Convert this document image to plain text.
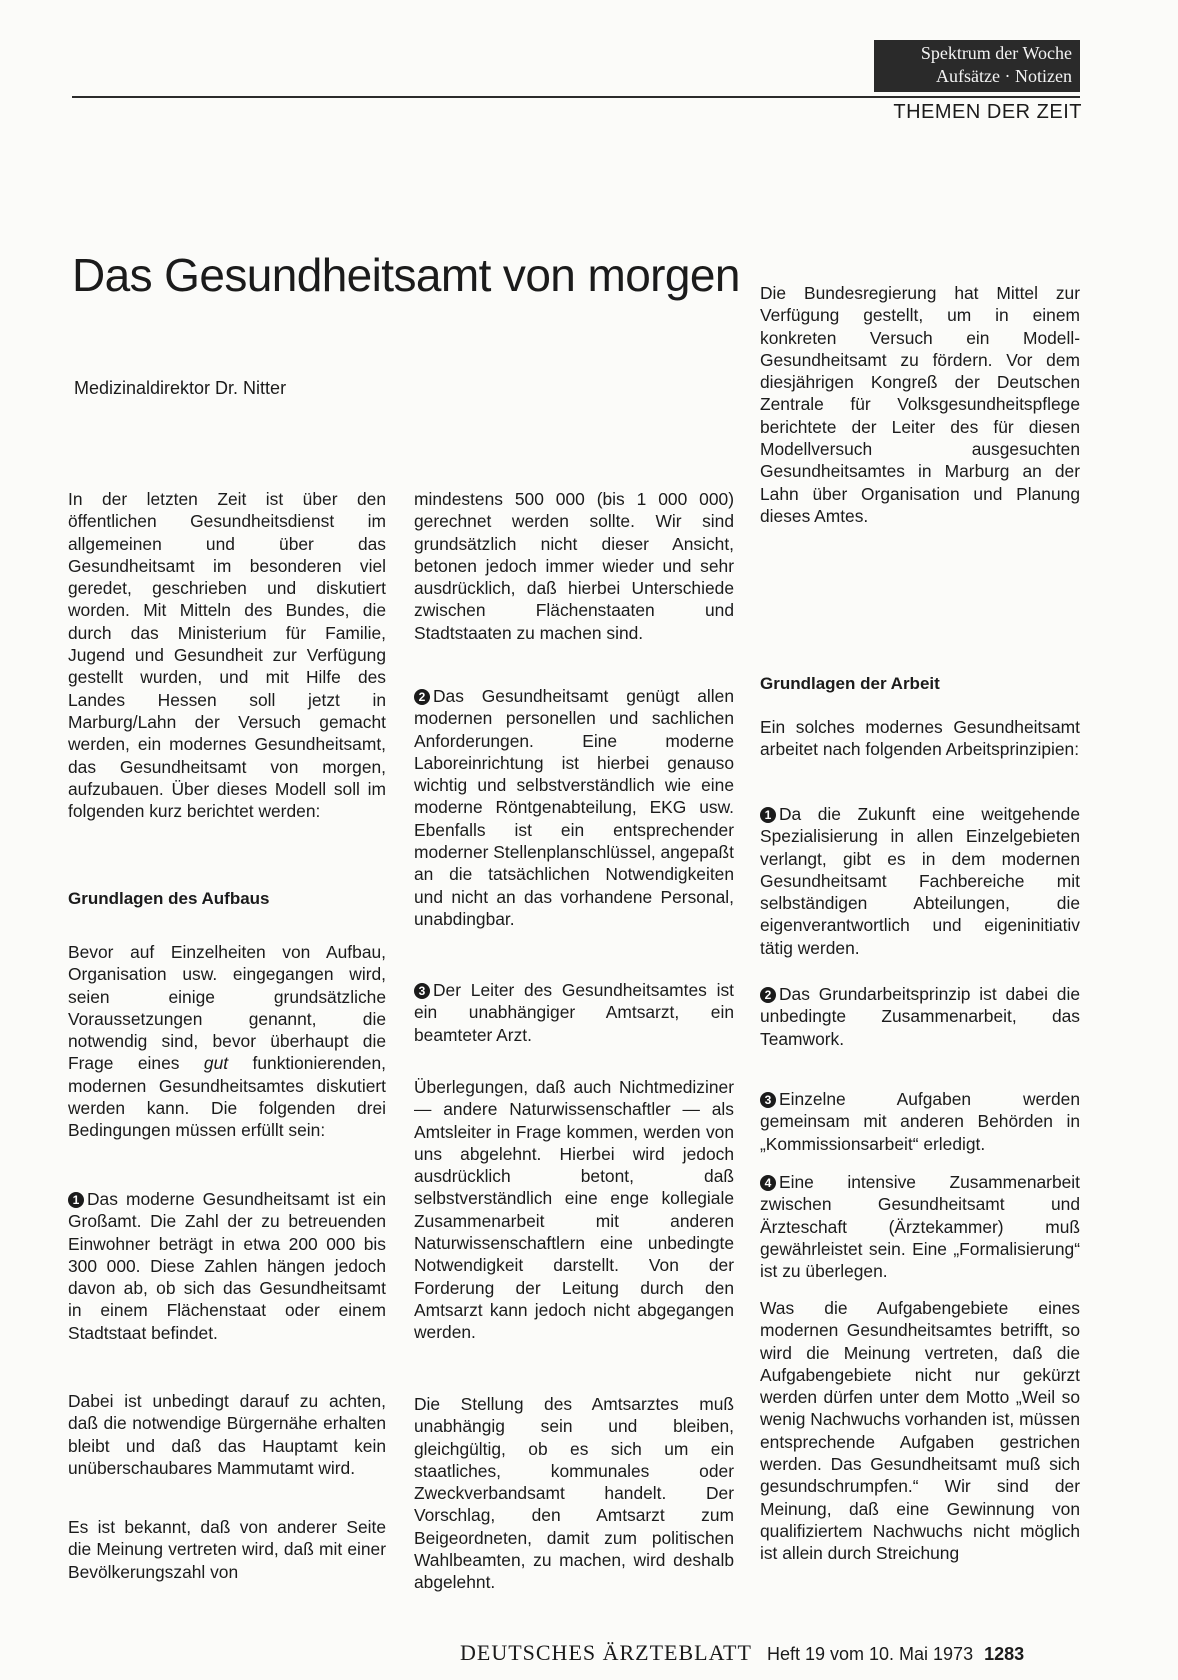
Spektrum der Woche
Aufsätze · Notizen
THEMEN DER ZEIT
Das Gesundheitsamt von morgen
Medizinaldirektor Dr. Nitter

In der letzten Zeit ist über den öffentlichen Gesundheitsdienst im allgemeinen und über das Gesundheitsamt im besonderen viel geredet, geschrieben und diskutiert worden. Mit Mitteln des Bundes, die durch das Ministerium für Familie, Jugend und Gesundheit zur Verfügung gestellt wurden, und mit Hilfe des Landes Hessen soll jetzt in Marburg/Lahn der Versuch gemacht werden, ein modernes Gesundheitsamt, das Gesundheitsamt von morgen, aufzubauen. Über dieses Modell soll im folgenden kurz berichtet werden:

Grundlagen des Aufbaus

Bevor auf Einzelheiten von Aufbau, Organisation usw. eingegangen wird, seien einige grundsätzliche Voraussetzungen genannt, die notwendig sind, bevor überhaupt die Frage eines gut funktionierenden, modernen Gesundheitsamtes diskutiert werden kann. Die folgenden drei Bedingungen müssen erfüllt sein:

1 Das moderne Gesundheitsamt ist ein Großamt. Die Zahl der zu betreuenden Einwohner beträgt in etwa 200 000 bis 300 000. Diese Zahlen hängen jedoch davon ab, ob sich das Gesundheitsamt in einem Flächenstaat oder einem Stadtstaat befindet.

Dabei ist unbedingt darauf zu achten, daß die notwendige Bürgernähe erhalten bleibt und daß das Hauptamt kein unüberschaubares Mammutamt wird.

Es ist bekannt, daß von anderer Seite die Meinung vertreten wird, daß mit einer Bevölkerungszahl von

mindestens 500 000 (bis 1 000 000) gerechnet werden sollte. Wir sind grundsätzlich nicht dieser Ansicht, betonen jedoch immer wieder und sehr ausdrücklich, daß hierbei Unterschiede zwischen Flächenstaaten und Stadtstaaten zu machen sind.

2 Das Gesundheitsamt genügt allen modernen personellen und sachlichen Anforderungen. Eine moderne Laboreinrichtung ist hierbei genauso wichtig und selbstverständlich wie eine moderne Röntgenabteilung, EKG usw. Ebenfalls ist ein entsprechender moderner Stellenplanschlüssel, angepaßt an die tatsächlichen Notwendigkeiten und nicht an das vorhandene Personal, unabdingbar.

3 Der Leiter des Gesundheitsamtes ist ein unabhängiger Amtsarzt, ein beamteter Arzt.

Überlegungen, daß auch Nichtmediziner — andere Naturwissenschaftler — als Amtsleiter in Frage kommen, werden von uns abgelehnt. Hierbei wird jedoch ausdrücklich betont, daß selbstverständlich eine enge kollegiale Zusammenarbeit mit anderen Naturwissenschaftlern eine unbedingte Notwendigkeit darstellt. Von der Forderung der Leitung durch den Amtsarzt kann jedoch nicht abgegangen werden.

Die Stellung des Amtsarztes muß unabhängig sein und bleiben, gleichgültig, ob es sich um ein staatliches, kommunales oder Zweckverbandsamt handelt. Der Vorschlag, den Amtsarzt zum Beigeordneten, damit zum politischen Wahlbeamten, zu machen, wird deshalb abgelehnt.

Die Bundesregierung hat Mittel zur Verfügung gestellt, um in einem konkreten Versuch ein Modell-Gesundheitsamt zu fördern. Vor dem diesjährigen Kongreß der Deutschen Zentrale für Volksgesundheitspflege berichtete der Leiter des für diesen Modellversuch ausgesuchten Gesundheitsamtes in Marburg an der Lahn über Organisation und Planung dieses Amtes.

Grundlagen der Arbeit

Ein solches modernes Gesundheitsamt arbeitet nach folgenden Arbeitsprinzipien:

1 Da die Zukunft eine weitgehende Spezialisierung in allen Einzelgebieten verlangt, gibt es in dem modernen Gesundheitsamt Fachbereiche mit selbständigen Abteilungen, die eigenverantwortlich und eigeninitiativ tätig werden.

2 Das Grundarbeitsprinzip ist dabei die unbedingte Zusammenarbeit, das Teamwork.

3 Einzelne Aufgaben werden gemeinsam mit anderen Behörden in „Kommissionsarbeit“ erledigt.

4 Eine intensive Zusammenarbeit zwischen Gesundheitsamt und Ärzteschaft (Ärztekammer) muß gewährleistet sein. Eine „Formalisierung“ ist zu überlegen.

Was die Aufgabengebiete eines modernen Gesundheitsamtes betrifft, so wird die Meinung vertreten, daß die Aufgabengebiete nicht nur gekürzt werden dürfen unter dem Motto „Weil so wenig Nachwuchs vorhanden ist, müssen entsprechende Aufgaben gestrichen werden. Das Gesundheitsamt muß sich gesundschrumpfen.“ Wir sind der Meinung, daß eine Gewinnung von qualifiziertem Nachwuchs nicht möglich ist allein durch Streichung

DEUTSCHES ÄRZTEBLATT Heft 19 vom 10. Mai 1973 1283
